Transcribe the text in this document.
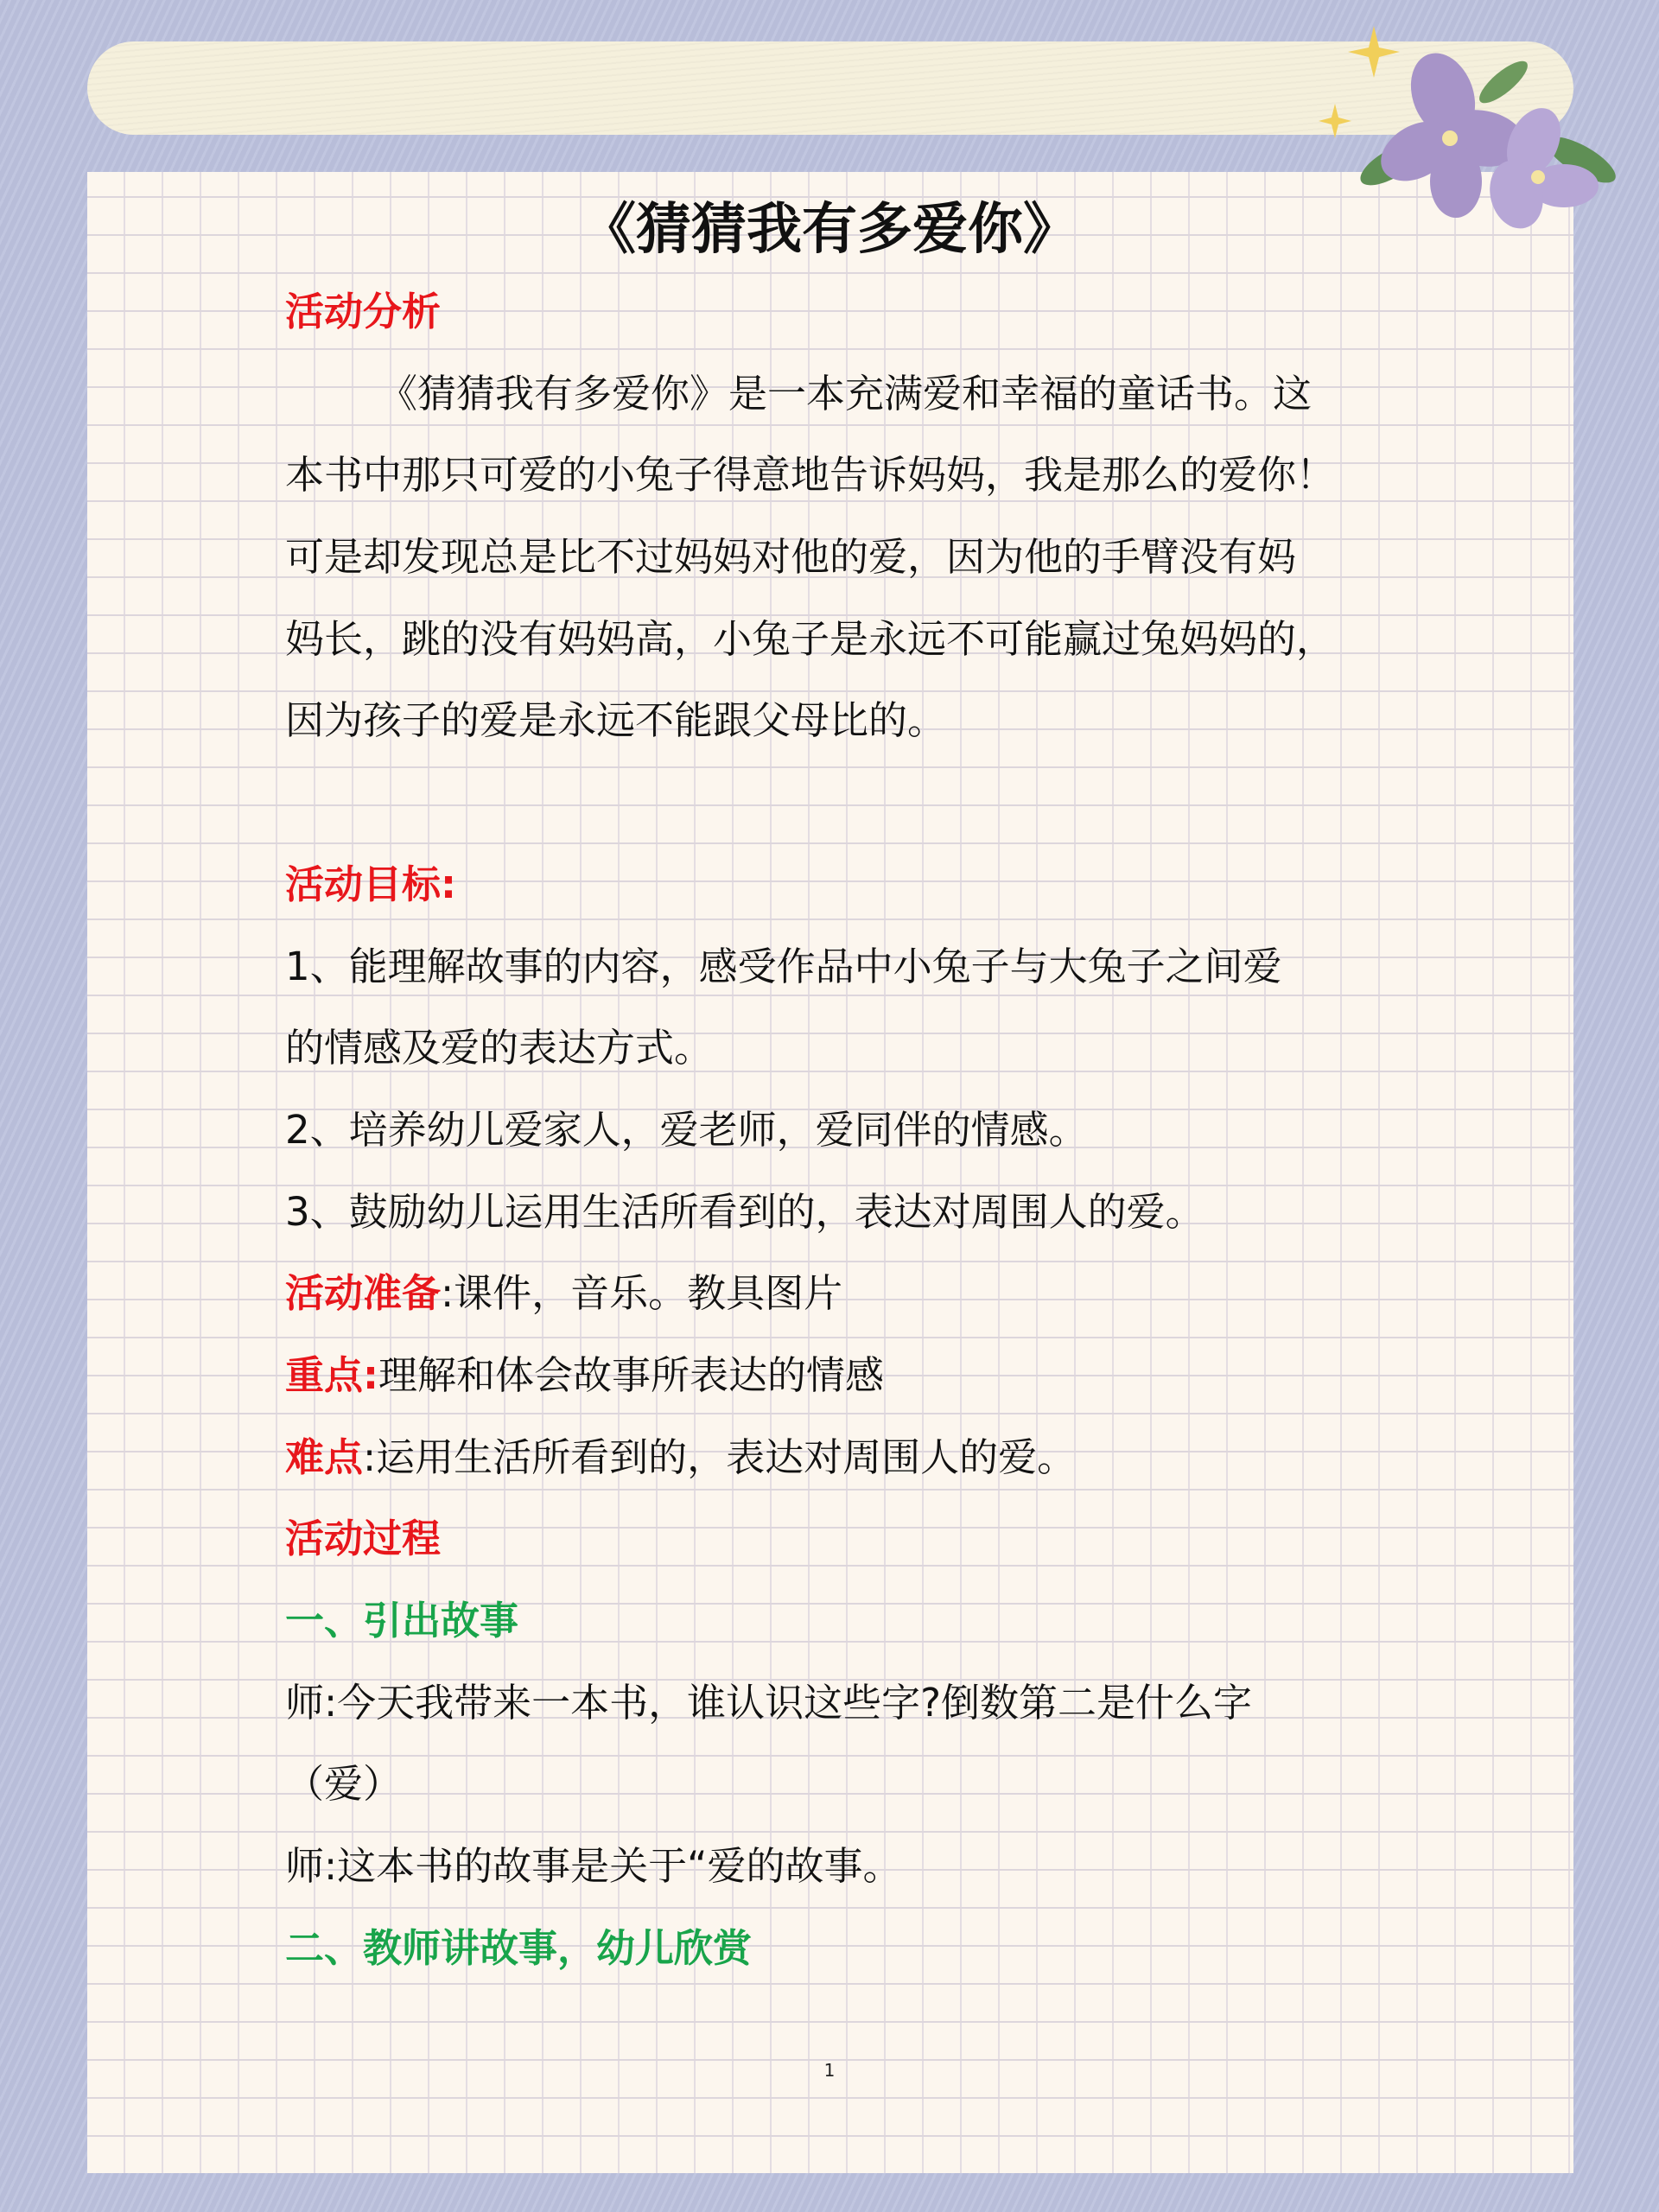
《猜猜我有多爱你》
活动分析
《猜猜我有多爱你》是一本充满爱和幸福的童话书。这
本书中那只可爱的小兔子得意地告诉妈妈，我是那么的爱你！
可是却发现总是比不过妈妈对他的爱，因为他的手臂没有妈
妈长，跳的没有妈妈高，小兔子是永远不可能赢过兔妈妈的，
因为孩子的爱是永远不能跟父母比的。
活动目标:
1、能理解故事的内容，感受作品中小兔子与大兔子之间爱
的情感及爱的表达方式。
2、培养幼儿爱家人，爱老师，爱同伴的情感。
3、鼓励幼儿运用生活所看到的，表达对周围人的爱。
活动准备:课件，音乐。教具图片
重点:理解和体会故事所表达的情感
难点:运用生活所看到的，表达对周围人的爱。
活动过程
一、引出故事
师:今天我带来一本书，谁认识这些字?倒数第二是什么字
（爱）
师:这本书的故事是关于“爱的故事。
二、教师讲故事，幼儿欣赏
1
